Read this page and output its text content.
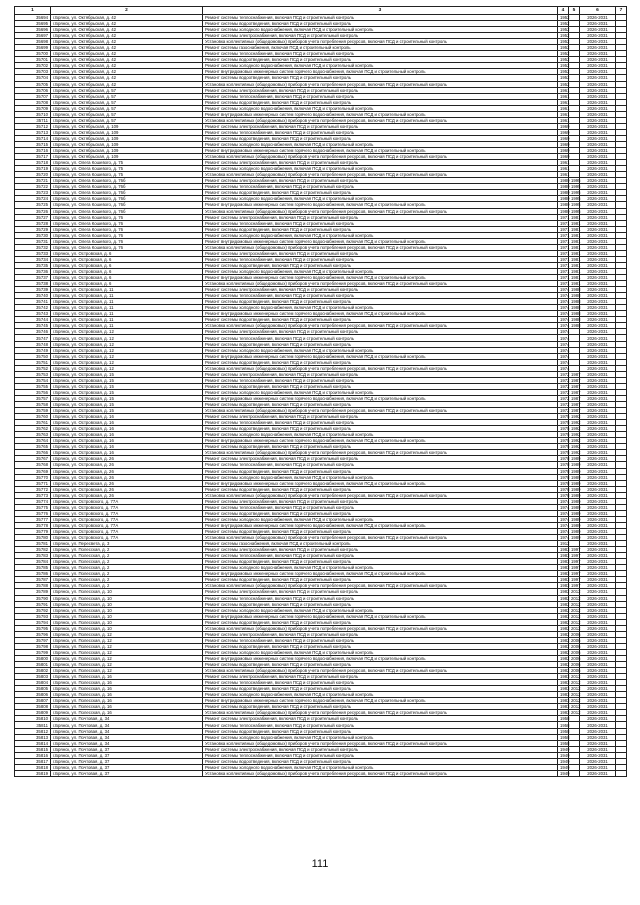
1	2	3	4	5	6	7
35694	г.Брянск, ул. Октябрьская, д. 42	Ремонт системы теплоснабжения, включая ПСД и строительный контроль	1952		2026-2031	
35695	г.Брянск, ул. Октябрьская, д. 42	Ремонт системы водоотведения, включая ПСД и строительный контроль	1952		2026-2031	
35696	г.Брянск, ул. Октябрьская, д. 42	Ремонт системы холодного водоснабжения, включая ПСД и строительный контроль	1952		2026-2031	
35697	г.Брянск, ул. Октябрьская, д. 42	Ремонт системы электроснабжения, включая ПСД и строительный контроль	1952		2026-2031	
35698	г.Брянск, ул. Октябрьская, д. 42	Установка коллективных (общедомовых) приборов учета потребления ресурсов, включая ПСД и строительный контроль	1952		2026-2031	
35699	г.Брянск, ул. Октябрьская, д. 42	Ремонт системы газоснабжения, включая ПСД и строительный контроль	1952		2026-2031	
35700	г.Брянск, ул. Октябрьская, д. 42	Ремонт системы теплоснабжения, включая ПСД и строительный контроль	1952		2026-2031	
35701	г.Брянск, ул. Октябрьская, д. 42	Ремонт системы водоотведения, включая ПСД и строительный контроль	1952		2026-2031	
35702	г.Брянск, ул. Октябрьская, д. 42	Ремонт системы холодного водоснабжения, включая ПСД и строительный контроль	1952		2026-2031	
35703	г.Брянск, ул. Октябрьская, д. 42	Ремонт внутридомовых инженерных систем горячего водоснабжения, включая ПСД и строительный контроль	1952		2026-2031	
35704	г.Брянск, ул. Октябрьская, д. 42	Ремонт системы водоотведения, включая ПСД и строительный контроль	1952		2026-2031	
35705	г.Брянск, ул. Октябрьская, д. 42	Установка коллективных (общедомовых) приборов учета потребления ресурсов, включая ПСД и строительный контроль	1952		2026-2031	
35706	г.Брянск, ул. Октябрьская, д. 57	Ремонт системы электроснабжения, включая ПСД и строительный контроль	1961		2026-2031	
35707	г.Брянск, ул. Октябрьская, д. 57	Ремонт системы теплоснабжения, включая ПСД и строительный контроль	1961		2026-2031	
35708	г.Брянск, ул. Октябрьская, д. 57	Ремонт системы водоотведения, включая ПСД и строительный контроль	1961		2026-2031	
35709	г.Брянск, ул. Октябрьская, д. 57	Ремонт системы холодного водоснабжения, включая ПСД и строительный контроль	1961		2026-2031	
35710	г.Брянск, ул. Октябрьская, д. 57	Ремонт внутридомовых инженерных систем горячего водоснабжения, включая ПСД и строительный контроль	1961		2026-2031	
35711	г.Брянск, ул. Октябрьская, д. 57	Установка коллективных (общедомовых) приборов учета потребления ресурсов, включая ПСД и строительный контроль	1961		2026-2031	
35712	г.Брянск, ул. Октябрьская, д. 109	Ремонт системы электроснабжения, включая ПСД и строительный контроль	1969		2026-2031	
35713	г.Брянск, ул. Октябрьская, д. 109	Ремонт системы теплоснабжения, включая ПСД и строительный контроль	1969		2026-2031	
35714	г.Брянск, ул. Октябрьская, д. 109	Ремонт системы водоотведения, включая ПСД и строительный контроль	1969		2026-2031	
35715	г.Брянск, ул. Октябрьская, д. 109	Ремонт системы холодного водоснабжения, включая ПСД и строительный контроль	1969		2026-2031	
35716	г.Брянск, ул. Октябрьская, д. 109	Ремонт внутридомовых инженерных систем горячего водоснабжения, включая ПСД и строительный контроль	1969		2026-2031	
35717	г.Брянск, ул. Октябрьская, д. 109	Установка коллективных (общедомовых) приборов учета потребления ресурсов, включая ПСД и строительный контроль	1969		2026-2031	
35718	г.Брянск, ул. Олега Кошевого, д. 75	Ремонт системы электроснабжения, включая ПСД и строительный контроль	1961		2026-2031	
35719	г.Брянск, ул. Олега Кошевого, д. 75	Ремонт системы холодного водоснабжения, включая ПСД и строительный контроль	1961		2026-2031	
35720	г.Брянск, ул. Олега Кошевого, д. 75	Установка коллективных (общедомовых) приборов учета потребления ресурсов, включая ПСД и строительный контроль	1961		2026-2031	
35721	г.Брянск, ул. Олега Кошевого, д. 76б	Ремонт системы электроснабжения, включая ПСД и строительный контроль	1980	1995	2026-2031	
35722	г.Брянск, ул. Олега Кошевого, д. 76б	Ремонт системы теплоснабжения, включая ПСД и строительный контроль	1980	1995	2026-2031	
35723	г.Брянск, ул. Олега Кошевого, д. 76б	Ремонт системы водоотведения, включая ПСД и строительный контроль	1980	1995	2026-2031	
35724	г.Брянск, ул. Олега Кошевого, д. 76б	Ремонт системы холодного водоснабжения, включая ПСД и строительный контроль	1980	1995	2026-2031	
35725	г.Брянск, ул. Олега Кошевого, д. 76б	Ремонт внутридомовых инженерных систем горячего водоснабжения, включая ПСД и строительный контроль	1980	1995	2026-2031	
35726	г.Брянск, ул. Олега Кошевого, д. 76б	Установка коллективных (общедомовых) приборов учета потребления ресурсов, включая ПСД и строительный контроль	1980	1995	2026-2031	
35727	г.Брянск, ул. Олега Кошевого, д. 76	Ремонт системы электроснабжения, включая ПСД и строительный контроль	1971	1981	2026-2031	
35728	г.Брянск, ул. Олега Кошевого, д. 76	Ремонт системы теплоснабжения, включая ПСД и строительный контроль	1971	1981	2026-2031	
35729	г.Брянск, ул. Олега Кошевого, д. 76	Ремонт системы водоотведения, включая ПСД и строительный контроль	1971	1981	2026-2031	
35730	г.Брянск, ул. Олега Кошевого, д. 76	Ремонт системы холодного водоснабжения, включая ПСД и строительный контроль	1971	1981	2026-2031	
35731	г.Брянск, ул. Олега Кошевого, д. 76	Ремонт внутридомовых инженерных систем горячего водоснабжения, включая ПСД и строительный контроль	1971	1981	2026-2031	
35732	г.Брянск, ул. Олега Кошевого, д. 76	Установка коллективных (общедомовых) приборов учета потребления ресурсов, включая ПСД и строительный контроль	1971	1981	2026-2031	
35733	г.Брянск, ул. Островская, д. 6	Ремонт системы электроснабжения, включая ПСД и строительный контроль	1971	1981	2026-2031	
35734	г.Брянск, ул. Островская, д. 6	Ремонт системы теплоснабжения, включая ПСД и строительный контроль	1971	1981	2026-2031	
35735	г.Брянск, ул. Островская, д. 6	Ремонт системы водоотведения, включая ПСД и строительный контроль	1971	1981	2026-2031	
35736	г.Брянск, ул. Островская, д. 6	Ремонт системы холодного водоснабжения, включая ПСД и строительный контроль	1971	1981	2026-2031	
35737	г.Брянск, ул. Островская, д. 6	Ремонт внутридомовых инженерных систем горячего водоснабжения, включая ПСД и строительный контроль	1971	1981	2026-2031	
35738	г.Брянск, ул. Островская, д. 6	Установка коллективных (общедомовых) приборов учета потребления ресурсов, включая ПСД и строительный контроль	1971	1981	2026-2031	
35739	г.Брянск, ул. Островская, д. 11	Ремонт системы электроснабжения, включая ПСД и строительный контроль	1974	1988	2026-2031	
35740	г.Брянск, ул. Островская, д. 11	Ремонт системы теплоснабжения, включая ПСД и строительный контроль	1974	1988	2026-2031	
35741	г.Брянск, ул. Островская, д. 11	Ремонт системы водоотведения, включая ПСД и строительный контроль	1974	1988	2026-2031	
35742	г.Брянск, ул. Островская, д. 11	Ремонт системы холодного водоснабжения, включая ПСД и строительный контроль	1974	1988	2026-2031	
35743	г.Брянск, ул. Островская, д. 11	Ремонт внутридомовых инженерных систем горячего водоснабжения, включая ПСД и строительный контроль	1974	1988	2026-2031	
35744	г.Брянск, ул. Островская, д. 11	Ремонт системы водоотведения, включая ПСД и строительный контроль	1974	1988	2026-2031	
35745	г.Брянск, ул. Островская, д. 11	Установка коллективных (общедомовых) приборов учета потребления ресурсов, включая ПСД и строительный контроль	1974	1988	2026-2031	
35746	г.Брянск, ул. Островская, д. 12	Ремонт системы электроснабжения, включая ПСД и строительный контроль	1974		2026-2031	
35747	г.Брянск, ул. Островская, д. 12	Ремонт системы теплоснабжения, включая ПСД и строительный контроль	1974		2026-2031	
35748	г.Брянск, ул. Островская, д. 12	Ремонт системы водоотведения, включая ПСД и строительный контроль	1974		2026-2031	
35749	г.Брянск, ул. Островская, д. 12	Ремонт системы холодного водоснабжения, включая ПСД и строительный контроль	1974		2026-2031	
35750	г.Брянск, ул. Островская, д. 12	Ремонт внутридомовых инженерных систем горячего водоснабжения, включая ПСД и строительный контроль	1974		2026-2031	
35751	г.Брянск, ул. Островская, д. 12	Ремонт системы водоотведения, включая ПСД и строительный контроль	1974		2026-2031	
35752	г.Брянск, ул. Островская, д. 12	Установка коллективных (общедомовых) приборов учета потребления ресурсов, включая ПСД и строительный контроль	1974		2026-2031	
35753	г.Брянск, ул. Островская, д. 15	Ремонт системы электроснабжения, включая ПСД и строительный контроль	1972	1987	2026-2031	
35754	г.Брянск, ул. Островская, д. 15	Ремонт системы теплоснабжения, включая ПСД и строительный контроль	1972	1987	2026-2031	
35755	г.Брянск, ул. Островская, д. 15	Ремонт системы водоотведения, включая ПСД и строительный контроль	1972	1987	2026-2031	
35756	г.Брянск, ул. Островская, д. 15	Ремонт системы холодного водоснабжения, включая ПСД и строительный контроль	1972	1987	2026-2031	
35757	г.Брянск, ул. Островская, д. 15	Ремонт внутридомовых инженерных систем горячего водоснабжения, включая ПСД и строительный контроль	1972	1987	2026-2031	
35758	г.Брянск, ул. Островская, д. 15	Ремонт системы водоотведения, включая ПСД и строительный контроль	1972	1987	2026-2031	
35759	г.Брянск, ул. Островская, д. 15	Установка коллективных (общедомовых) приборов учета потребления ресурсов, включая ПСД и строительный контроль	1972	1987	2026-2031	
35760	г.Брянск, ул. Островская, д. 16	Ремонт системы электроснабжения, включая ПСД и строительный контроль	1975	1992	2026-2031	
35761	г.Брянск, ул. Островская, д. 16	Ремонт системы теплоснабжения, включая ПСД и строительный контроль	1975	1992	2026-2031	
35762	г.Брянск, ул. Островская, д. 16	Ремонт системы водоотведения, включая ПСД и строительный контроль	1975	1992	2026-2031	
35763	г.Брянск, ул. Островская, д. 16	Ремонт системы холодного водоснабжения, включая ПСД и строительный контроль	1975	1992	2026-2031	
35764	г.Брянск, ул. Островская, д. 16	Ремонт внутридомовых инженерных систем горячего водоснабжения, включая ПСД и строительный контроль	1975	1992	2026-2031	
35765	г.Брянск, ул. Островская, д. 16	Ремонт системы водоотведения, включая ПСД и строительный контроль	1975	1992	2026-2031	
35766	г.Брянск, ул. Островская, д. 16	Установка коллективных (общедомовых) приборов учета потребления ресурсов, включая ПСД и строительный контроль	1975	1992	2026-2031	
35767	г.Брянск, ул. Островская, д. 26	Ремонт системы электроснабжения, включая ПСД и строительный контроль	1978	1989	2026-2031	
35768	г.Брянск, ул. Островская, д. 26	Ремонт системы теплоснабжения, включая ПСД и строительный контроль	1978	1989	2026-2031	
35769	г.Брянск, ул. Островская, д. 26	Ремонт системы водоотведения, включая ПСД и строительный контроль	1978	1989	2026-2031	
35770	г.Брянск, ул. Островская, д. 26	Ремонт системы холодного водоснабжения, включая ПСД и строительный контроль	1978	1989	2026-2031	
35771	г.Брянск, ул. Островская, д. 26	Ремонт внутридомовых инженерных систем горячего водоснабжения, включая ПСД и строительный контроль	1978	1989	2026-2031	
35772	г.Брянск, ул. Островская, д. 26	Ремонт системы водоотведения, включая ПСД и строительный контроль	1978	1989	2026-2031	
35773	г.Брянск, ул. Островская, д. 26	Установка коллективных (общедомовых) приборов учета потребления ресурсов, включая ПСД и строительный контроль	1978	1989	2026-2031	
35774	г.Брянск, ул. Островского, д. 77А	Ремонт системы электроснабжения, включая ПСД и строительный контроль	1974	1989	2026-2031	
35775	г.Брянск, ул. Островского, д. 77А	Ремонт системы теплоснабжения, включая ПСД и строительный контроль	1974	1989	2026-2031	
35776	г.Брянск, ул. Островского, д. 77А	Ремонт системы водоотведения, включая ПСД и строительный контроль	1974	1989	2026-2031	
35777	г.Брянск, ул. Островского, д. 77А	Ремонт системы холодного водоснабжения, включая ПСД и строительный контроль	1974	1989	2026-2031	
35778	г.Брянск, ул. Островского, д. 77А	Ремонт внутридомовых инженерных систем горячего водоснабжения, включая ПСД и строительный контроль	1974	1989	2026-2031	
35779	г.Брянск, ул. Островского, д. 77А	Ремонт системы водоотведения, включая ПСД и строительный контроль	1974	1989	2026-2031	
35780	г.Брянск, ул. Островского, д. 77А	Установка коллективных (общедомовых) приборов учета потребления ресурсов, включая ПСД и строительный контроль	1974	1989	2026-2031	
35781	г.Брянск, ул. Пересвета, д. 3	Ремонт системы газоснабжения, включая ПСД и строительный контроль	1912		2026-2031	
35782	г.Брянск, ул. Полесская, д. 2	Ремонт системы электроснабжения, включая ПСД и строительный контроль	1983	1997	2026-2031	
35783	г.Брянск, ул. Полесская, д. 2	Ремонт системы теплоснабжения, включая ПСД и строительный контроль	1983	1997	2026-2031	
35784	г.Брянск, ул. Полесская, д. 2	Ремонт системы водоотведения, включая ПСД и строительный контроль	1983	1997	2026-2031	
35785	г.Брянск, ул. Полесская, д. 2	Ремонт системы холодного водоснабжения, включая ПСД и строительный контроль	1983	1997	2026-2031	
35786	г.Брянск, ул. Полесская, д. 2	Ремонт внутридомовых инженерных систем горячего водоснабжения, включая ПСД и строительный контроль	1983	1997	2026-2031	
35787	г.Брянск, ул. Полесская, д. 2	Ремонт системы водоотведения, включая ПСД и строительный контроль	1983	1997	2026-2031	
35788	г.Брянск, ул. Полесская, д. 2	Установка коллективных (общедомовых) приборов учета потребления ресурсов, включая ПСД и строительный контроль	1983	1997	2026-2031	
35789	г.Брянск, ул. Полесская, д. 10	Ремонт системы электроснабжения, включая ПСД и строительный контроль	1982	2012	2026-2031	
35790	г.Брянск, ул. Полесская, д. 10	Ремонт системы теплоснабжения, включая ПСД и строительный контроль	1982	2012	2026-2031	
35791	г.Брянск, ул. Полесская, д. 10	Ремонт системы водоотведения, включая ПСД и строительный контроль	1982	2012	2026-2031	
35792	г.Брянск, ул. Полесская, д. 10	Ремонт системы холодного водоснабжения, включая ПСД и строительный контроль	1982	2012	2026-2031	
35793	г.Брянск, ул. Полесская, д. 10	Ремонт внутридомовых инженерных систем горячего водоснабжения, включая ПСД и строительный контроль	1982	2012	2026-2031	
35794	г.Брянск, ул. Полесская, д. 10	Ремонт системы водоотведения, включая ПСД и строительный контроль	1982	2012	2026-2031	
35795	г.Брянск, ул. Полесская, д. 10	Установка коллективных (общедомовых) приборов учета потребления ресурсов, включая ПСД и строительный контроль	1982	2012	2026-2031	
35796	г.Брянск, ул. Полесская, д. 12	Ремонт системы электроснабжения, включая ПСД и строительный контроль	1982	2006	2026-2031	
35797	г.Брянск, ул. Полесская, д. 12	Ремонт системы теплоснабжения, включая ПСД и строительный контроль	1982	2006	2026-2031	
35798	г.Брянск, ул. Полесская, д. 12	Ремонт системы водоотведения, включая ПСД и строительный контроль	1982	2006	2026-2031	
35799	г.Брянск, ул. Полесская, д. 12	Ремонт системы холодного водоснабжения, включая ПСД и строительный контроль	1982	2006	2026-2031	
35800	г.Брянск, ул. Полесская, д. 12	Ремонт внутридомовых инженерных систем горячего водоснабжения, включая ПСД и строительный контроль	1982	2006	2026-2031	
35801	г.Брянск, ул. Полесская, д. 12	Ремонт системы водоотведения, включая ПСД и строительный контроль	1982	2006	2026-2031	
35802	г.Брянск, ул. Полесская, д. 12	Установка коллективных (общедомовых) приборов учета потребления ресурсов, включая ПСД и строительный контроль	1982	2006	2026-2031	
35803	г.Брянск, ул. Полесская, д. 16	Ремонт системы электроснабжения, включая ПСД и строительный контроль	1983	2012	2026-2031	
35804	г.Брянск, ул. Полесская, д. 16	Ремонт системы теплоснабжения, включая ПСД и строительный контроль	1983	2012	2026-2031	
35805	г.Брянск, ул. Полесская, д. 16	Ремонт системы водоотведения, включая ПСД и строительный контроль	1983	2012	2026-2031	
35806	г.Брянск, ул. Полесская, д. 16	Ремонт системы холодного водоснабжения, включая ПСД и строительный контроль	1983	2012	2026-2031	
35807	г.Брянск, ул. Полесская, д. 16	Ремонт внутридомовых инженерных систем горячего водоснабжения, включая ПСД и строительный контроль	1983	2012	2026-2031	
35808	г.Брянск, ул. Полесская, д. 16	Ремонт системы водоотведения, включая ПСД и строительный контроль	1983	2012	2026-2031	
35809	г.Брянск, ул. Полесская, д. 16	Установка коллективных (общедомовых) приборов учета потребления ресурсов, включая ПСД и строительный контроль	1983	2012	2026-2031	
35810	г.Брянск, ул. Почтовая, д. 34	Ремонт системы электроснабжения, включая ПСД и строительный контроль	1958		2026-2031	
35811	г.Брянск, ул. Почтовая, д. 34	Ремонт системы теплоснабжения, включая ПСД и строительный контроль	1958		2026-2031	
35812	г.Брянск, ул. Почтовая, д. 34	Ремонт системы водоотведения, включая ПСД и строительный контроль	1958		2026-2031	
35813	г.Брянск, ул. Почтовая, д. 34	Ремонт системы холодного водоснабжения, включая ПСД и строительный контроль	1958		2026-2031	
35814	г.Брянск, ул. Почтовая, д. 34	Установка коллективных (общедомовых) приборов учета потребления ресурсов, включая ПСД и строительный контроль	1958		2026-2031	
35815	г.Брянск, ул. Почтовая, д. 37	Ремонт системы электроснабжения, включая ПСД и строительный контроль	1949		2026-2031	
35816	г.Брянск, ул. Почтовая, д. 37	Ремонт системы теплоснабжения, включая ПСД и строительный контроль	1949		2026-2031	
35817	г.Брянск, ул. Почтовая, д. 37	Ремонт системы водоотведения, включая ПСД и строительный контроль	1949		2026-2031	
35818	г.Брянск, ул. Почтовая, д. 37	Ремонт системы холодного водоснабжения, включая ПСД и строительный контроль	1949		2026-2031	
35819	г.Брянск, ул. Почтовая, д. 37	Установка коллективных (общедомовых) приборов учета потребления ресурсов, включая ПСД и строительный контроль	1949		2026-2031	
111
